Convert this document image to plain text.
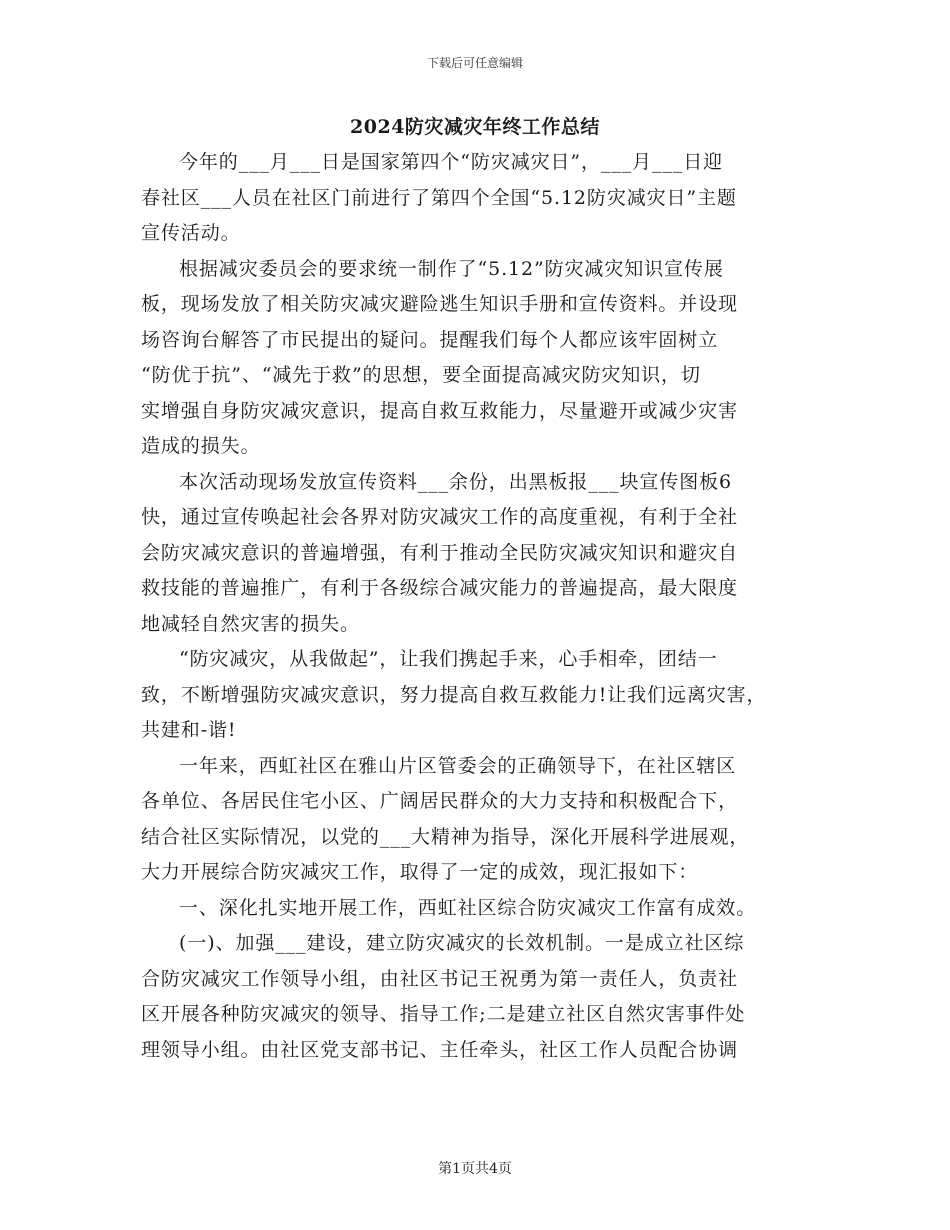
下载后可任意编辑
2024防灾减灾年终工作总结
今年的___月___日是国家第四个“防灾减灾日”，___月___日迎
春社区___人员在社区门前进行了第四个全国“5.12防灾减灾日”主题
宣传活动。
根据减灾委员会的要求统一制作了“5.12”防灾减灾知识宣传展
板，现场发放了相关防灾减灾避险逃生知识手册和宣传资料。并设现
场咨询台解答了市民提出的疑问。提醒我们每个人都应该牢固树立
“防优于抗”、“减先于救”的思想，要全面提高减灾防灾知识，切
实增强自身防灾减灾意识，提高自救互救能力，尽量避开或减少灾害
造成的损失。
本次活动现场发放宣传资料___余份，出黑板报___块宣传图板6
快，通过宣传唤起社会各界对防灾减灾工作的高度重视，有利于全社
会防灾减灾意识的普遍增强，有利于推动全民防灾减灾知识和避灾自
救技能的普遍推广，有利于各级综合减灾能力的普遍提高，最大限度
地减轻自然灾害的损失。
“防灾减灾，从我做起”，让我们携起手来，心手相牵，团结一
致，不断增强防灾减灾意识，努力提高自救互救能力!让我们远离灾害，
共建和-谐!
一年来，西虹社区在雅山片区管委会的正确领导下，在社区辖区
各单位、各居民住宅小区、广阔居民群众的大力支持和积极配合下，
结合社区实际情况，以党的___大精神为指导，深化开展科学进展观，
大力开展综合防灾减灾工作，取得了一定的成效，现汇报如下：
一、深化扎实地开展工作，西虹社区综合防灾减灾工作富有成效。
(一)、加强___建设，建立防灾减灾的长效机制。一是成立社区综
合防灾减灾工作领导小组，由社区书记王祝勇为第一责任人，负责社
区开展各种防灾减灾的领导、指导工作;二是建立社区自然灾害事件处
理领导小组。由社区党支部书记、主任牵头，社区工作人员配合协调
第1页共4页
